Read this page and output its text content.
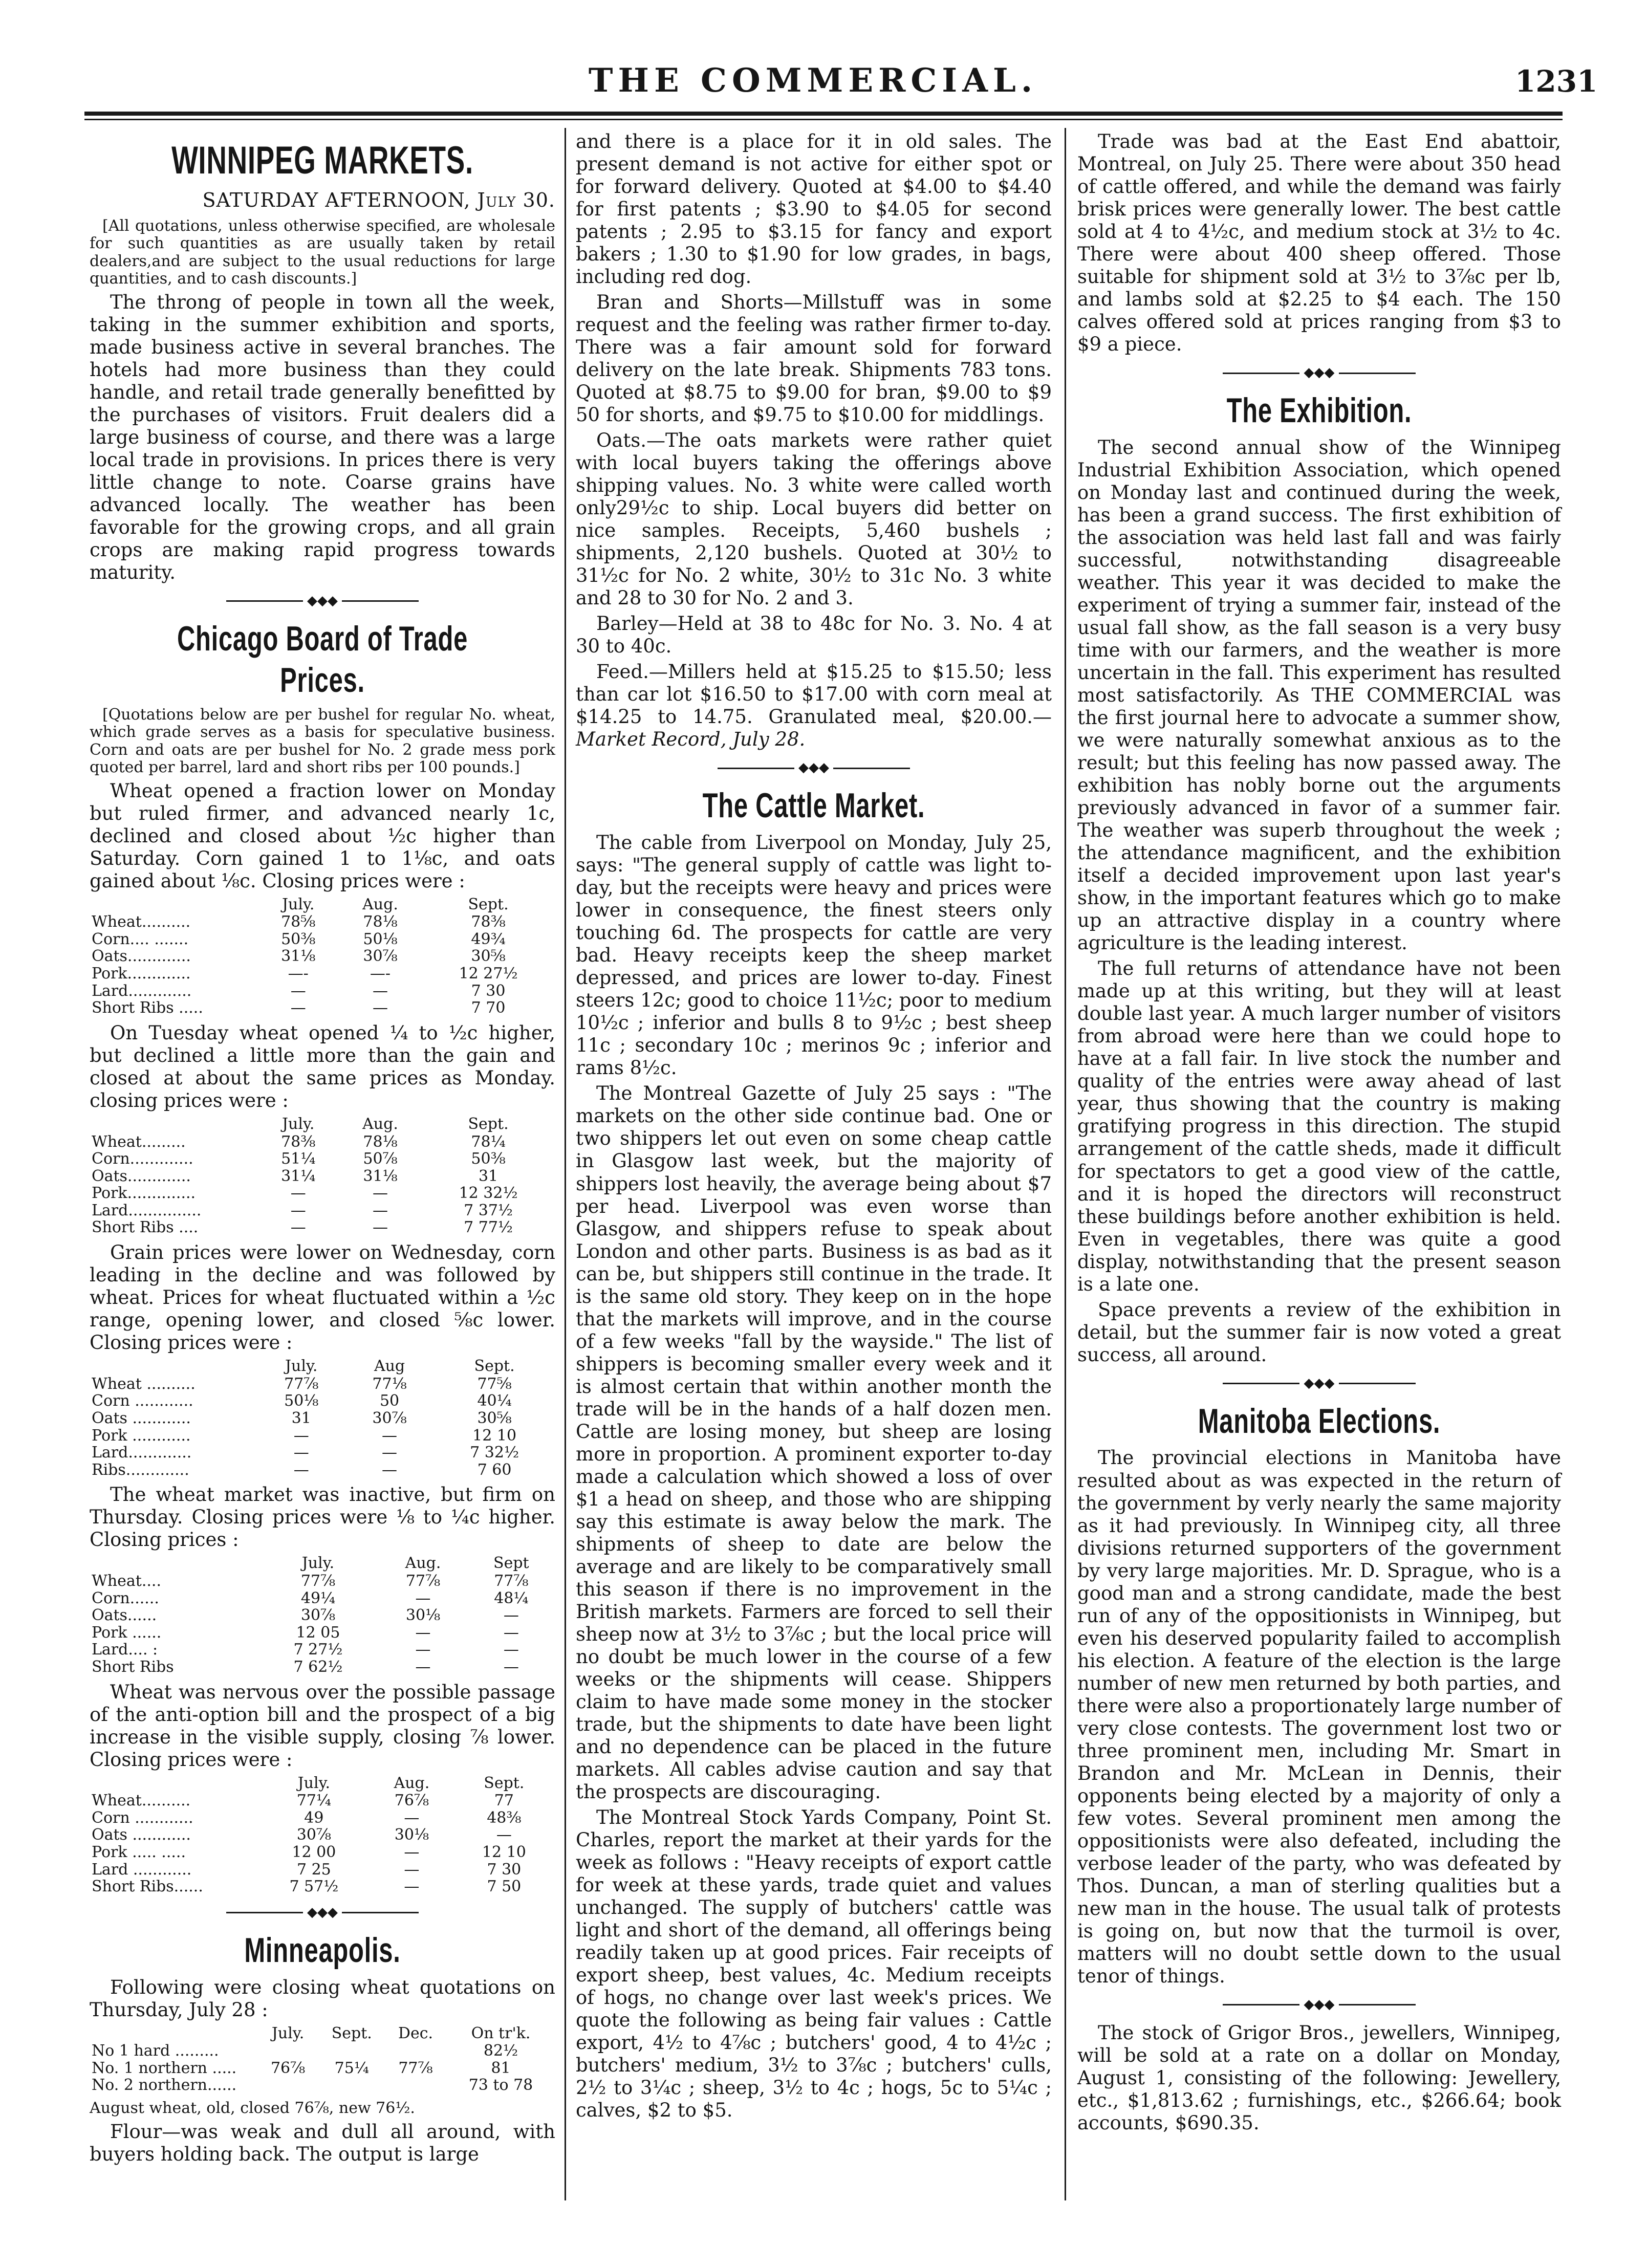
THE COMMERCIAL.	1231
WINNIPEG MARKETS.
SATURDAY AFTERNOON, July 30.

[All quotations, unless otherwise specified, are wholesale for such quantities as are usually taken by retail dealers,and are subject to the usual reductions for large quantities, and to cash discounts.]

The throng of people in town all the week, taking in the summer exhibition and sports, made business active in several branches. The hotels had more business than they could handle, and retail trade generally benefitted by the purchases of visitors. Fruit dealers did a large business of course, and there was a large local trade in provisions. In prices there is very little change to note. Coarse grains have advanced locally. The weather has been favorable for the growing crops, and all grain crops are making rapid progress towards maturity.

◆◆◆
Chicago Board of Trade Prices.

[Quotations below are per bushel for regular No. wheat, which grade serves as a basis for speculative business. Corn and oats are per bushel for No. 2 grade mess pork quoted per barrel, lard and short ribs per 100 pounds.]

Wheat opened a fraction lower on Monday but ruled firmer, and advanced nearly 1c, declined and closed about ½c higher than Saturday. Corn gained 1 to 1⅛c, and oats gained about ⅛c. Closing prices were :

	July.	Aug.	Sept.
Wheat..........	78⅝	78⅛	78⅜
Corn.... .......	50⅜	50⅛	49¾
Oats.............	31⅛	30⅞	30⅝
Pork.............	—-	—-	12 27½
Lard.............	—	—	7 30
Short Ribs .....	—	—	7 70

On Tuesday wheat opened ¼ to ½c higher, but declined a little more than the gain and closed at about the same prices as Monday. closing prices were :

	July.	Aug.	Sept.
Wheat.........	78⅜	78⅛	78¼
Corn.............	51¼	50⅞	50⅜
Oats.............	31¼	31⅛	31
Pork..............	—	—	12 32½
Lard...............	—	—	7 37½
Short Ribs ....	—	—	7 77½

Grain prices were lower on Wednesday, corn leading in the decline and was followed by wheat. Prices for wheat fluctuated within a ½c range, opening lower, and closed ⅝c lower. Closing prices were :

	July.	Aug	Sept.
Wheat ..........	77⅞	77⅛	77⅝
Corn ............	50⅛	50	40¼
Oats ............	31	30⅞	30⅝
Pork ............	—	—	12 10
Lard.............	—	—	7 32½
Ribs.............	—	—	7 60

The wheat market was inactive, but firm on Thursday. Closing prices were ⅛ to ¼c higher. Closing prices :

	July.	Aug.	Sept
Wheat....	77⅞	77⅞	77⅞
Corn......	49¼	—	48¼
Oats......	30⅞	30⅛	—
Pork ......	12 05	—	—
Lard.... :	7 27½	—	—
Short Ribs	7 62½	—	—

Wheat was nervous over the possible passage of the anti-option bill and the prospect of a big increase in the visible supply, closing ⅞ lower. Closing prices were :

	July.	Aug.	Sept.
Wheat..........	77¼	76⅞	77
Corn ............	49	—	48⅜
Oats ............	30⅞	30⅛	—
Pork ..... .....	12 00	—	12 10
Lard ............	7 25	—	7 30
Short Ribs......	7 57½	—	7 50
◆◆◆
Minneapolis.

Following were closing wheat quotations on Thursday, July 28 :

	July.	Sept.	Dec.	On tr'k.
No 1 hard .........				82½
No. 1 northern .....	76⅞	75¼	77⅞	81
No. 2 northern......				73 to 78

August wheat, old, closed 76⅞, new 76½.

Flour—was weak and dull all around, with buyers holding back. The output is large

and there is a place for it in old sales. The present demand is not active for either spot or for forward delivery. Quoted at $4.00 to $4.40 for first patents ; $3.90 to $4.05 for second patents ; 2.95 to $3.15 for fancy and export bakers ; 1.30 to $1.90 for low grades, in bags, including red dog.

Bran and Shorts—Millstuff was in some request and the feeling was rather firmer to-day. There was a fair amount sold for forward delivery on the late break. Shipments 783 tons. Quoted at $8.75 to $9.00 for bran, $9.00 to $9 50 for shorts, and $9.75 to $10.00 for middlings.

Oats.—The oats markets were rather quiet with local buyers taking the offerings above shipping values. No. 3 white were called worth only29½c to ship. Local buyers did better on nice samples. Receipts, 5,460 bushels ; shipments, 2,120 bushels. Quoted at 30½ to 31½c for No. 2 white, 30½ to 31c No. 3 white and 28 to 30 for No. 2 and 3.

Barley—Held at 38 to 48c for No. 3. No. 4 at 30 to 40c.

Feed.—Millers held at $15.25 to $15.50; less than car lot $16.50 to $17.00 with corn meal at $14.25 to 14.75. Granulated meal, $20.00.— Market Record, July 28.

◆◆◆
The Cattle Market.

The cable from Liverpool on Monday, July 25, says: "The general supply of cattle was light to-day, but the receipts were heavy and prices were lower in consequence, the finest steers only touching 6d. The prospects for cattle are very bad. Heavy receipts keep the sheep market depressed, and prices are lower to-day. Finest steers 12c; good to choice 11½c; poor to medium 10½c ; inferior and bulls 8 to 9½c ; best sheep 11c ; secondary 10c ; merinos 9c ; inferior and rams 8½c.

The Montreal Gazette of July 25 says : "The markets on the other side continue bad. One or two shippers let out even on some cheap cattle in Glasgow last week, but the majority of shippers lost heavily, the average being about $7 per head. Liverpool was even worse than Glasgow, and shippers refuse to speak about London and other parts. Business is as bad as it can be, but shippers still continue in the trade. It is the same old story. They keep on in the hope that the markets will improve, and in the course of a few weeks "fall by the wayside." The list of shippers is becoming smaller every week and it is almost certain that within another month the trade will be in the hands of a half dozen men. Cattle are losing money, but sheep are losing more in proportion. A prominent exporter to-day made a calculation which showed a loss of over $1 a head on sheep, and those who are shipping say this estimate is away below the mark. The shipments of sheep to date are below the average and are likely to be comparatively small this season if there is no improvement in the British markets. Farmers are forced to sell their sheep now at 3½ to 3⅞c ; but the local price will no doubt be much lower in the course of a few weeks or the shipments will cease. Shippers claim to have made some money in the stocker trade, but the shipments to date have been light and no dependence can be placed in the future markets. All cables advise caution and say that the prospects are discouraging.

The Montreal Stock Yards Company, Point St. Charles, report the market at their yards for the week as follows : "Heavy receipts of export cattle for week at these yards, trade quiet and values unchanged. The supply of butchers' cattle was light and short of the demand, all offerings being readily taken up at good prices. Fair receipts of export sheep, best values, 4c. Medium receipts of hogs, no change over last week's prices. We quote the following as being fair values : Cattle export, 4½ to 4⅞c ; butchers' good, 4 to 4½c ; butchers' medium, 3½ to 3⅞c ; butchers' culls, 2½ to 3¼c ; sheep, 3½ to 4c ; hogs, 5c to 5¼c ; calves, $2 to $5.

Trade was bad at the East End abattoir, Montreal, on July 25. There were about 350 head of cattle offered, and while the demand was fairly brisk prices were generally lower. The best cattle sold at 4 to 4½c, and medium stock at 3½ to 4c. There were about 400 sheep offered. Those suitable for shipment sold at 3½ to 3⅞c per lb, and lambs sold at $2.25 to $4 each. The 150 calves offered sold at prices ranging from $3 to $9 a piece.

◆◆◆
The Exhibition.

The second annual show of the Winnipeg Industrial Exhibition Association, which opened on Monday last and continued during the week, has been a grand success. The first exhibition of the association was held last fall and was fairly successful, notwithstanding disagreeable weather. This year it was decided to make the experiment of trying a summer fair, instead of the usual fall show, as the fall season is a very busy time with our farmers, and the weather is more uncertain in the fall. This experiment has resulted most satisfactorily. As THE COMMERCIAL was the first journal here to advocate a summer show, we were naturally somewhat anxious as to the result; but this feeling has now passed away. The exhibition has nobly borne out the arguments previously advanced in favor of a summer fair. The weather was superb throughout the week ; the attendance magnificent, and the exhibition itself a decided improvement upon last year's show, in the important features which go to make up an attractive display in a country where agriculture is the leading interest.

The full returns of attendance have not been made up at this writing, but they will at least double last year. A much larger number of visitors from abroad were here than we could hope to have at a fall fair. In live stock the number and quality of the entries were away ahead of last year, thus showing that the country is making gratifying progress in this direction. The stupid arrangement of the cattle sheds, made it difficult for spectators to get a good view of the cattle, and it is hoped the directors will reconstruct these buildings before another exhibition is held. Even in vegetables, there was quite a good display, notwithstanding that the present season is a late one.

Space prevents a review of the exhibition in detail, but the summer fair is now voted a great success, all around.

◆◆◆
Manitoba Elections.

The provincial elections in Manitoba have resulted about as was expected in the return of the government by verly nearly the same majority as it had previously. In Winnipeg city, all three divisions returned supporters of the government by very large majorities. Mr. D. Sprague, who is a good man and a strong candidate, made the best run of any of the oppositionists in Winnipeg, but even his deserved popularity failed to accomplish his election. A feature of the election is the large number of new men returned by both parties, and there were also a proportionately large number of very close contests. The government lost two or three prominent men, including Mr. Smart in Brandon and Mr. McLean in Dennis, their opponents being elected by a majority of only a few votes. Several prominent men among the oppositionists were also defeated, including the verbose leader of the party, who was defeated by Thos. Duncan, a man of sterling qualities but a new man in the house. The usual talk of protests is going on, but now that the turmoil is over, matters will no doubt settle down to the usual tenor of things.

◆◆◆

The stock of Grigor Bros., jewellers, Winnipeg, will be sold at a rate on a dollar on Monday, August 1, consisting of the following: Jewellery, etc., $1,813.62 ; furnishings, etc., $266.64; book accounts, $690.35.
